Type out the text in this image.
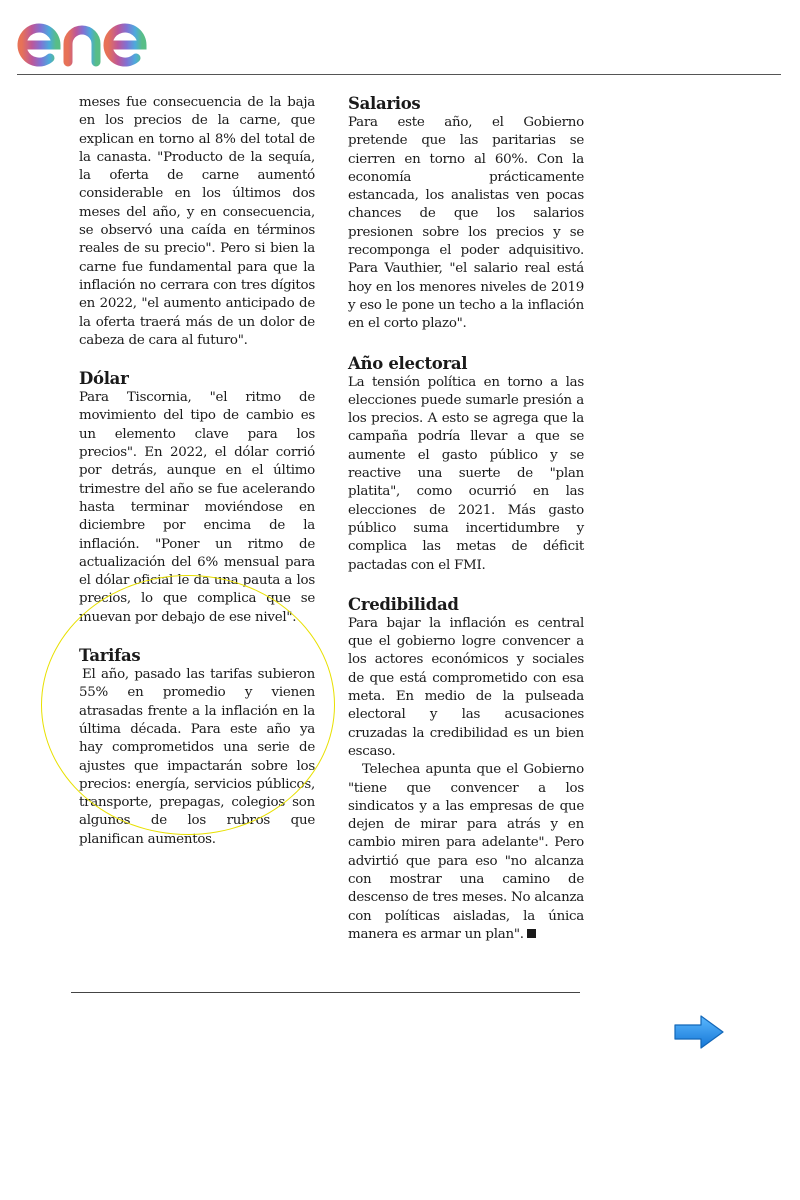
meses fue consecuencia de la baja en los precios de la carne, que explican en torno al 8% del total de la canasta. "Producto de la sequía, la oferta de carne aumentó considerable en los últimos dos meses del año, y en consecuencia, se observó una caída en términos reales de su precio". Pero si bien la carne fue fundamental para que la inflación no cerrara con tres dígitos en 2022, "el aumento anticipado de la oferta traerá más de un dolor de cabeza de cara al futuro".

Dólar

Para Tiscornia, "el ritmo de movimiento del tipo de cambio es un elemento clave para los precios". En 2022, el dólar corrió por detrás, aunque en el último trimestre del año se fue acelerando hasta terminar moviéndose en diciembre por encima de la inflación. "Poner un ritmo de actualización del 6% mensual para el dólar oficial le da una pauta a los precios, lo que complica que se muevan por debajo de ese nivel".

Tarifas

El año, pasado las tarifas subieron 55% en promedio y vienen atrasadas frente a la inflación en la última década. Para este año ya hay comprometidos una serie de ajustes que impactarán sobre los precios: energía, servicios públicos, transporte, prepagas, colegios son algunos de los rubros que planifican aumentos.

Salarios

Para este año, el Gobierno pretende que las paritarias se cierren en torno al 60%. Con la economía prácticamente estancada, los analistas ven pocas chances de que los salarios presionen sobre los precios y se recomponga el poder adquisitivo. Para Vauthier, "el salario real está hoy en los menores niveles de 2019 y eso le pone un techo a la inflación en el corto plazo".

Año electoral

La tensión política en torno a las elecciones puede sumarle presión a los precios. A esto se agrega que la campaña podría llevar a que se aumente el gasto público y se reactive una suerte de "plan platita", como ocurrió en las elecciones de 2021. Más gasto público suma incertidumbre y complica las metas de déficit pactadas con el FMI.

Credibilidad

Para bajar la inflación es central que el gobierno logre convencer a los actores económicos y sociales de que está comprometido con esa meta. En medio de la pulseada electoral y las acusaciones cruzadas la credibilidad es un bien escaso.

Telechea apunta que el Gobierno "tiene que convencer a los sindicatos y a las empresas de que dejen de mirar para atrás y en cambio miren para adelante". Pero advirtió que para eso "no alcanza con mostrar una camino de descenso de tres meses. No alcanza con políticas aisladas, la única manera es armar un plan".
